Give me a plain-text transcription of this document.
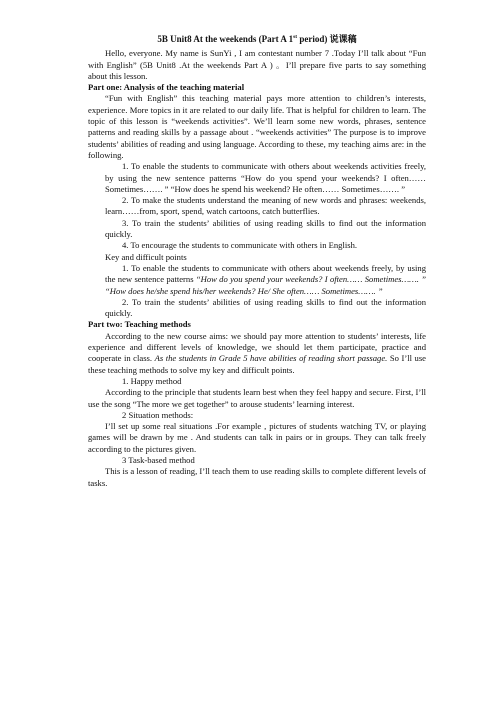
5B Unit8 At the weekends (Part A 1st period) 说课稿

Hello, everyone. My name is SunYi , I am contestant number 7 .Today I’ll talk about “Fun with English” (5B Unit8 .At the weekends Part A ) 。I’ll prepare five parts to say something about this lesson.

Part one: Analysis of the teaching material

“Fun with English” this teaching material pays more attention to children’s interests, experience. More topics in it are related to our daily life. That is helpful for children to learn. The topic of this lesson is “weekends activities”. We’ll learn some new words, phrases, sentence patterns and reading skills by a passage about . “weekends activities” The purpose is to improve students’ abilities of reading and using language. According to these, my teaching aims are: in the following.

1. To enable the students to communicate with others about weekends activities freely, by using the new sentence patterns “How do you spend your weekends? I often…… Sometimes……. ” “How does he spend his weekend? He often…… Sometimes……. ”

2. To make the students understand the meaning of new words and phrases: weekends, learn……from, sport, spend, watch cartoons, catch butterflies.

3. To train the students’ abilities of using reading skills to find out the information quickly.

4. To encourage the students to communicate with others in English.

Key and difficult points

1. To enable the students to communicate with others about weekends freely, by using the new sentence patterns “How do you spend your weekends? I often…… Sometimes……. ” “How does he/she spend his/her weekends? He/ She often…… Sometimes……. ”

2. To train the students’ abilities of using reading skills to find out the information quickly.

Part two: Teaching methods

According to the new course aims: we should pay more attention to students’ interests, life experience and different levels of knowledge, we should let them participate, practice and cooperate in class. As the students in Grade 5 have abilities of reading short passage. So I’ll use these teaching methods to solve my key and difficult points.

1. Happy method

According to the principle that students learn best when they feel happy and secure. First, I’ll use the song “The more we get together” to arouse students’ learning interest.

2 Situation methods:

I’ll set up some real situations .For example , pictures of students watching TV, or playing games will be drawn by me . And students can talk in pairs or in groups. They can talk freely according to the pictures given.

3 Task-based method

This is a lesson of reading, I’ll teach them to use reading skills to complete different levels of tasks.
